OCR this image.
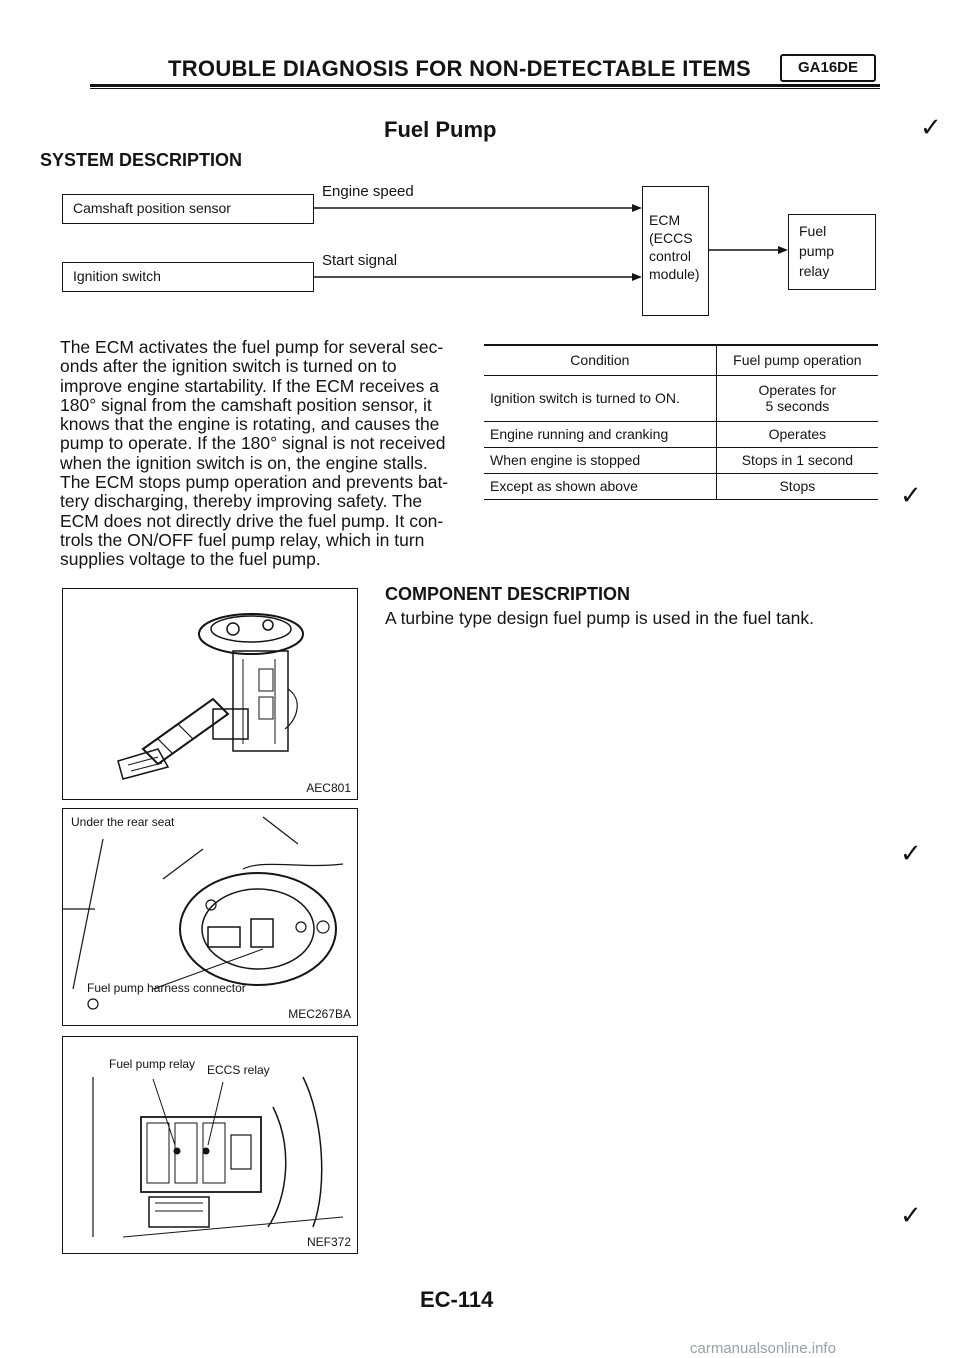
TROUBLE DIAGNOSIS FOR NON-DETECTABLE ITEMS	GA16DE
Fuel Pump
SYSTEM DESCRIPTION
✓
✓
✓
✓
Camshaft position sensor
Ignition switch
Engine speed
Start signal
ECM
(ECCS
control
module)
Fuel
pump
relay
The ECM activates the fuel pump for several sec-
onds after the ignition switch is turned on to
improve engine startability. If the ECM receives a
180° signal from the camshaft position sensor, it
knows that the engine is rotating, and causes the
pump to operate. If the 180° signal is not received
when the ignition switch is on, the engine stalls.
The ECM stops pump operation and prevents bat-
tery discharging, thereby improving safety. The
ECM does not directly drive the fuel pump. It con-
trols the ON/OFF fuel pump relay, which in turn
supplies voltage to the fuel pump.
Condition	Fuel pump operation
Ignition switch is turned to ON.	Operates for
5 seconds

Engine running and cranking	Operates
When engine is stopped	Stops in 1 second
Except as shown above	Stops
COMPONENT DESCRIPTION
A turbine type design fuel pump is used in the fuel tank.
AEC801
Under the rear seat
Fuel pump harness connector
MEC267BA
Fuel pump relay ECCS relay
NEF372
EC-114
carmanualsonline.info
